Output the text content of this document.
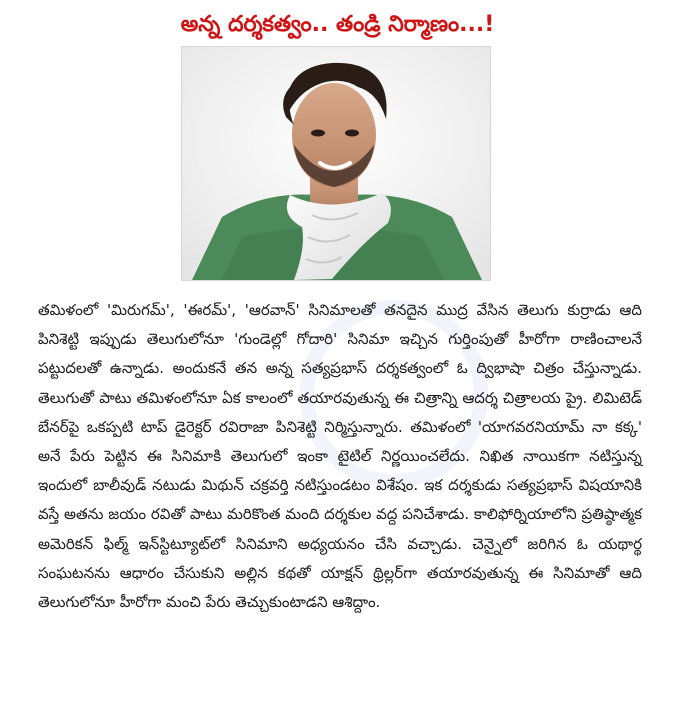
అన్న దర్శకత్వం.. తండ్రి నిర్మాణం...!
తమిళంలో 'మిరుగమ్', 'ఈరమ్', 'ఆరవాన్' సినిమాలతో తనదైన ముద్ర వేసిన తెలుగు కుర్రాడు ఆది పినిశెట్టి ఇప్పుడు తెలుగులోనూ 'గుండెల్లో గోదారి' సినిమా ఇచ్చిన గుర్తింపుతో హీరోగా రాణించాలనే పట్టుదలతో ఉన్నాడు. అందుకనే తన అన్న సత్యప్రభాస్ దర్శకత్వంలో ఓ ద్విభాషా చిత్రం చేస్తున్నాడు. తెలుగుతో పాటు తమిళంలోనూ ఏక కాలంలో తయారవుతున్న ఈ చిత్రాన్ని ఆదర్శ చిత్రాలయ ప్రై. లిమిటెడ్ బేనర్‌పై ఒకప్పటి టాప్ డైరెక్టర్ రవిరాజా పినిశెట్టి నిర్మిస్తున్నారు. తమిళంలో 'యాగవరనియామ్ నా కక్క' అనే పేరు పెట్టిన ఈ సినిమాకి తెలుగులో ఇంకా టైటిల్ నిర్ణయించలేదు. నిఖిత నాయికగా నటిస్తున్న ఇందులో బాలీవుడ్ నటుడు మిథున్ చక్రవర్తి నటిస్తుండటం విశేషం. ఇక దర్శకుడు సత్యప్రభాస్ విషయానికి వస్తే అతను జయం రవితో పాటు మరికొంత మంది దర్శకుల వద్ద పనిచేశాడు. కాలిఫోర్నియాలోని ప్రతిష్ఠాత్మక అమెరికన్ ఫిల్మ్ ఇన్‌స్టిట్యూట్‌లో సినిమాని అధ్యయనం చేసి వచ్చాడు. చెన్నైలో జరిగిన ఓ యథార్థ సంఘటనను ఆధారం చేసుకుని అల్లిన కథతో యాక్షన్ థ్రిల్లర్‌గా తయారవుతున్న ఈ సినిమాతో ఆది తెలుగులోనూ హీరోగా మంచి పేరు తెచ్చుకుంటాడని ఆశిద్దాం.
